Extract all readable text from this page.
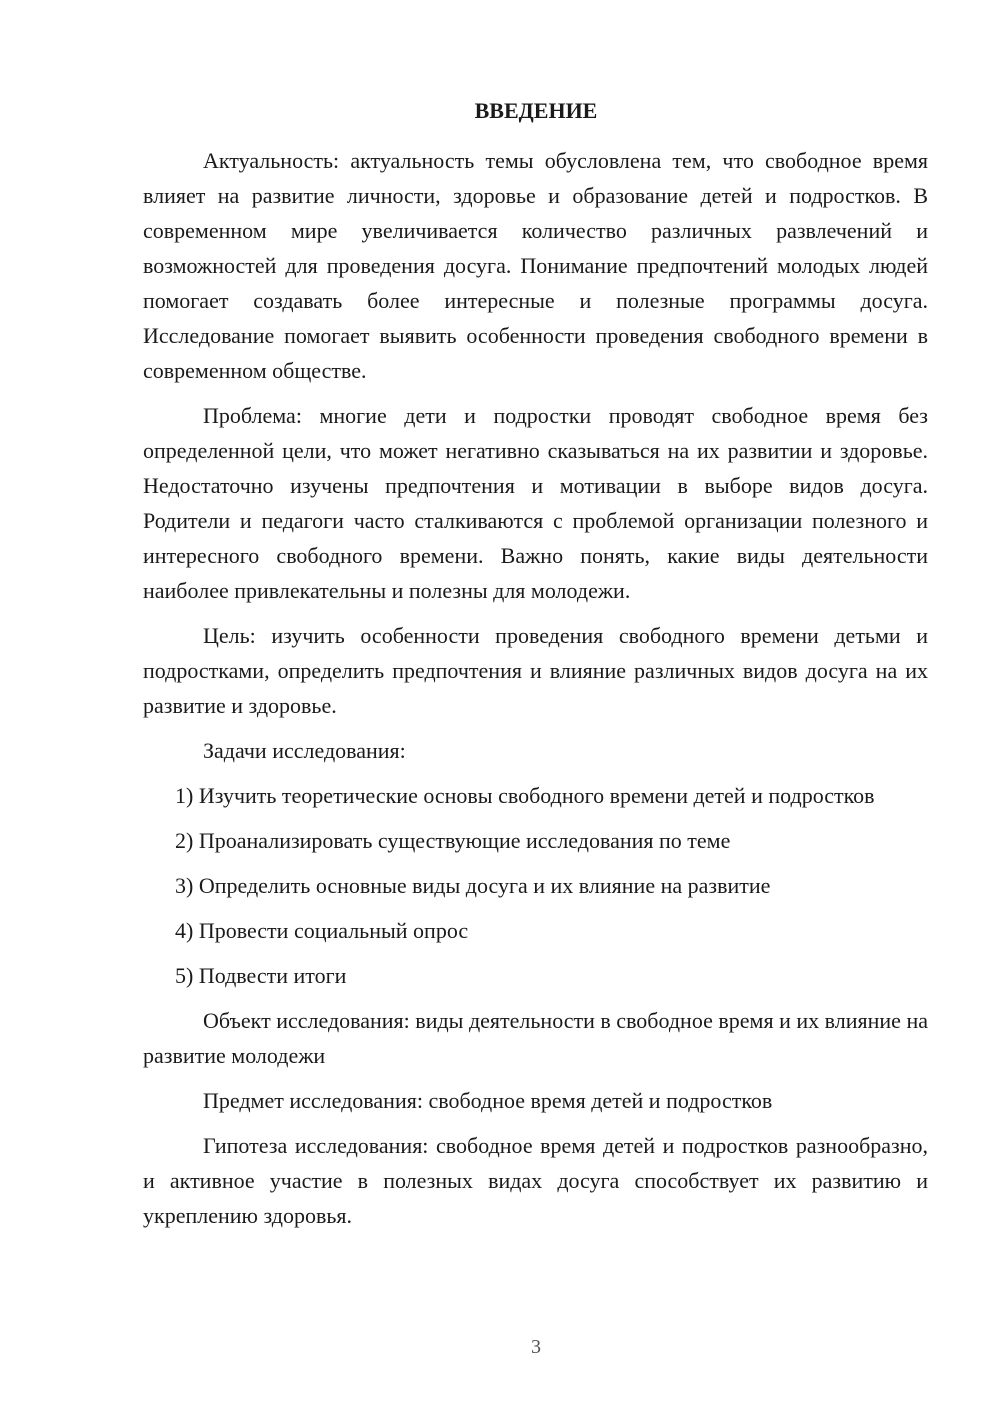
ВВЕДЕНИЕ

Актуальность: актуальность темы обусловлена тем, что свободное время влияет на развитие личности, здоровье и образование детей и подростков. В современном мире увеличивается количество различных развлечений и возможностей для проведения досуга. Понимание предпочтений молодых людей помогает создавать более интересные и полезные программы досуга. Исследование помогает выявить особенности проведения свободного времени в современном обществе.

Проблема: многие дети и подростки проводят свободное время без определенной цели, что может негативно сказываться на их развитии и здоровье. Недостаточно изучены предпочтения и мотивации в выборе видов досуга. Родители и педагоги часто сталкиваются с проблемой организации полезного и интересного свободного времени. Важно понять, какие виды деятельности наиболее привлекательны и полезны для молодежи.

Цель: изучить особенности проведения свободного времени детьми и подростками, определить предпочтения и влияние различных видов досуга на их развитие и здоровье.

Задачи исследования:

1) Изучить теоретические основы свободного времени детей и подростков

2) Проанализировать существующие исследования по теме

3) Определить основные виды досуга и их влияние на развитие

4) Провести социальный опрос

5) Подвести итоги

Объект исследования: виды деятельности в свободное время и их влияние на развитие молодежи

Предмет исследования: свободное время детей и подростков

Гипотеза исследования: свободное время детей и подростков разнообразно, и активное участие в полезных видах досуга способствует их развитию и укреплению здоровья.

3
